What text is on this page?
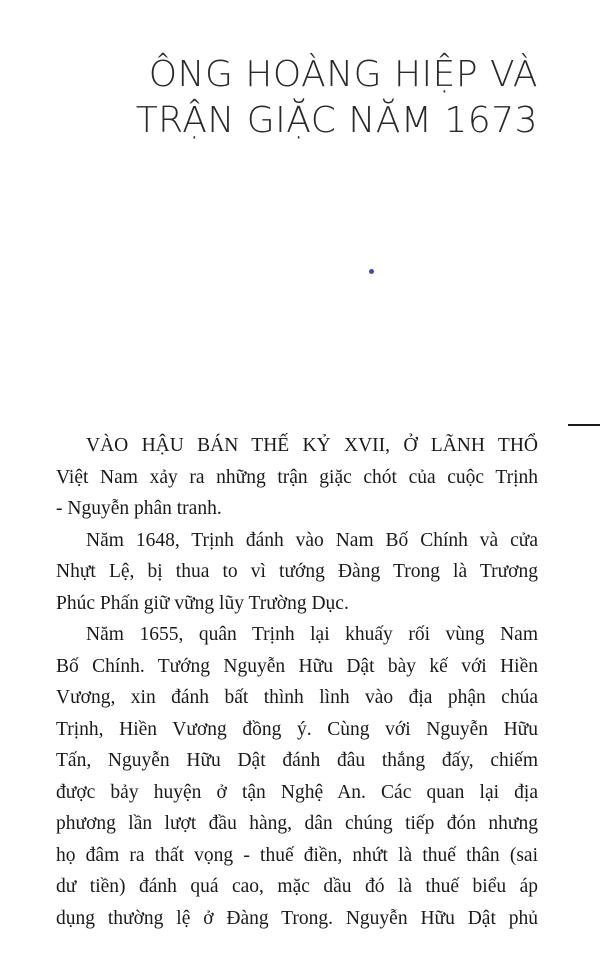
ÔNG HOÀNG HIỆP VÀ
TRẬN GIẶC NĂM 1673
VÀO HẬU BÁN THẾ KỶ XVII, Ở LÃNH THỔ
Việt Nam xảy ra những trận giặc chót của cuộc Trịnh
- Nguyễn phân tranh.
Năm 1648, Trịnh đánh vào Nam Bố Chính và cửa
Nhựt Lệ, bị thua to vì tướng Đàng Trong là Trương
Phúc Phấn giữ vững lũy Trường Dục.
Năm 1655, quân Trịnh lại khuấy rối vùng Nam
Bố Chính. Tướng Nguyễn Hữu Dật bày kế với Hiền
Vương, xin đánh bất thình lình vào địa phận chúa
Trịnh, Hiền Vương đồng ý. Cùng với Nguyễn Hữu
Tấn, Nguyễn Hữu Dật đánh đâu thắng đấy, chiếm
được bảy huyện ở tận Nghệ An. Các quan lại địa
phương lần lượt đầu hàng, dân chúng tiếp đón nhưng
họ đâm ra thất vọng - thuế điền, nhứt là thuế thân (sai
dư tiền) đánh quá cao, mặc dầu đó là thuế biểu áp
dụng thường lệ ở Đàng Trong. Nguyễn Hữu Dật phủ
